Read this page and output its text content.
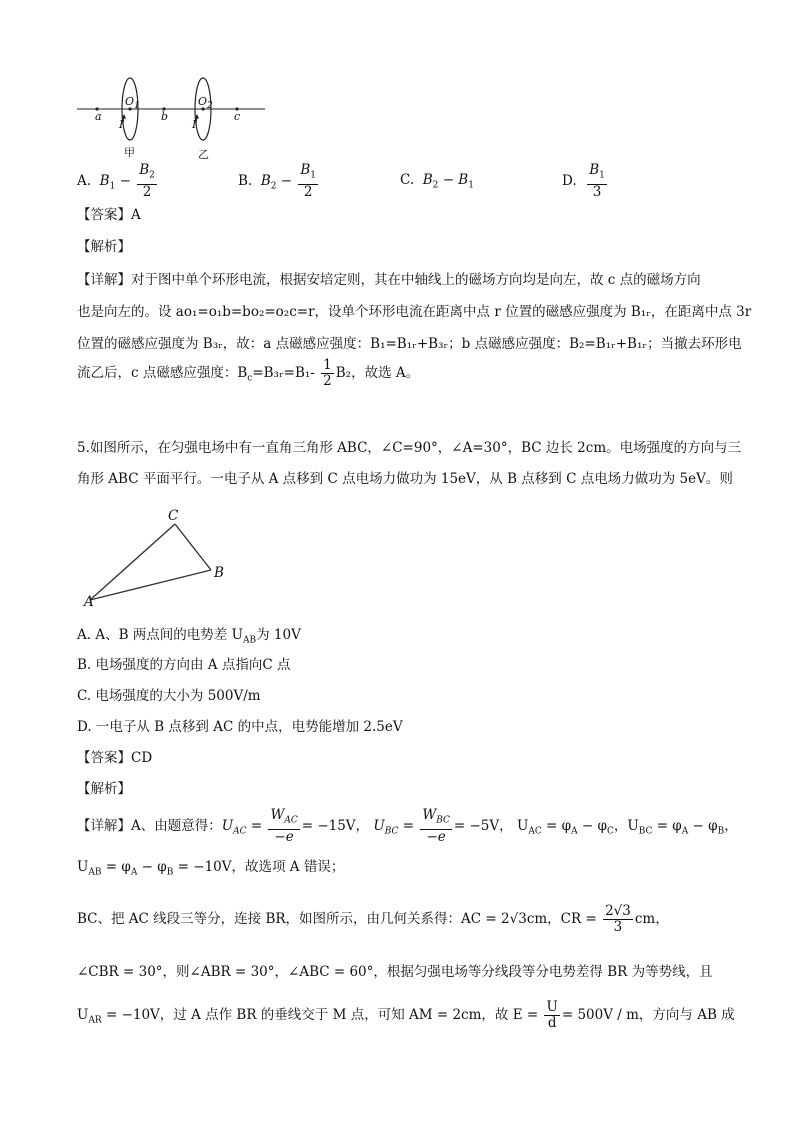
a
I
$O_1$
b
I
$O_2$
c
甲	乙
A. $B_1 - \frac{B_2}{2}$	B. $B_2 - \frac{B_1}{2}$	C. $B_2 - B_1$	D. $\frac{B_1}{3}$
【答案】A
【解析】
【详解】对于图中单个环形电流，根据安培定则，其在中轴线上的磁场方向均是向左，故 c 点的磁场方向
也是向左的。设 ao₁=o₁b=bo₂=o₂c=r，设单个环形电流在距离中点 r 位置的磁感应强度为 B₁ᵣ，在距离中点 3r
位置的磁感应强度为 B₃ᵣ，故：a 点磁感应强度：B₁=B₁ᵣ+B₃ᵣ；b 点磁感应强度：B₂=B₁ᵣ+B₁ᵣ；当撤去环形电
流乙后，c 点磁感应强度：$B_c=B_3ᵣ=B_1- \frac{1}{2} B_2$，故选 A。
5.如图所示，在匀强电场中有一直角三角形 ABC，∠C=90°，∠A=30°，BC 边长 2cm。电场强度的方向与三
角形 ABC 平面平行。一电子从 A 点移到 C 点电场力做功为 15eV，从 B 点移到 C 点电场力做功为 5eV。则
C
B
A
A. A、B 两点间的电势差 $U_{AB}$为 10V
B. 电场强度的方向由 A 点指向C 点
C. 电场强度的大小为 500V/m
D. 一电子从 B 点移到 AC 的中点，电势能增加 2.5eV
【答案】CD
【解析】
【详解】A、由题意得：$U_{AC} = \frac{W_{AC}}{-e} = -15V$， $U_{BC} = \frac{W_{BC}}{-e} = -5V$， $U_{AC} = \varphi_A - \varphi_C$，$U_{BC} = \varphi_A - \varphi_B$，
$U_{AB} = \varphi_A - \varphi_B = -10V$，故选项 A 错误；
BC、把 AC 线段三等分，连接 BR，如图所示，由几何关系得：AC = 2√3cm，CR = $\frac{2√3}{3}$ cm，
∠CBR = 30°，则∠ABR = 30°，∠ABC = 60°，根据匀强电场等分线段等分电势差得 BR 为等势线，且
$U_{AR} = -10V$，过 A 点作 BR 的垂线交于 M 点，可知 AM = 2cm，故 $E = \frac{U}{d} = 500V / m$，方向与 AB 成
